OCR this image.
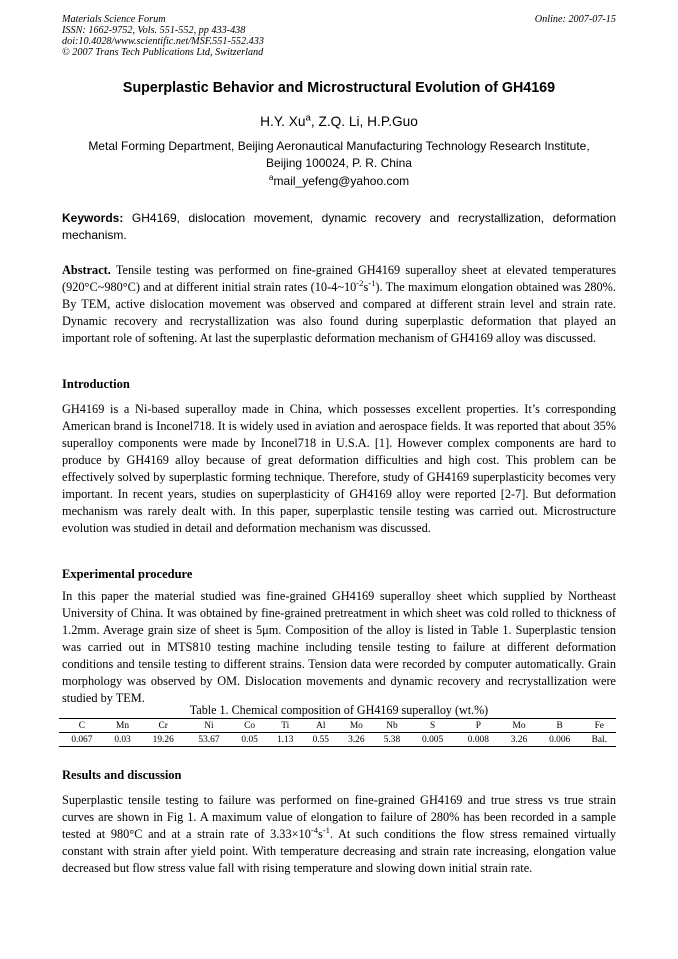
Materials Science Forum
ISSN: 1662-9752, Vols. 551-552, pp 433-438
doi:10.4028/www.scientific.net/MSF.551-552.433
© 2007 Trans Tech Publications Ltd, Switzerland
Online: 2007-07-15
Superplastic Behavior and Microstructural Evolution of GH4169
H.Y. Xu$^a$, Z.Q. Li, H.P.Guo
Metal Forming Department, Beijing Aeronautical Manufacturing Technology Research Institute,
Beijing 100024, P. R. China
$^a$mail_yefeng@yahoo.com
Keywords: GH4169, dislocation movement, dynamic recovery and recrystallization, deformation mechanism.
Abstract. Tensile testing was performed on fine-grained GH4169 superalloy sheet at elevated temperatures (920°C~980°C) and at different initial strain rates $(10-4\sim 10^{-2}s^{-1})$. The maximum elongation obtained was 280%. By TEM, active dislocation movement was observed and compared at different strain level and strain rate. Dynamic recovery and recrystallization was also found during superplastic deformation that played an important role of softening. At last the superplastic deformation mechanism of GH4169 alloy was discussed.
Introduction
GH4169 is a Ni-based superalloy made in China, which possesses excellent properties. It’s corresponding American brand is Inconel718. It is widely used in aviation and aerospace fields. It was reported that about 35% superalloy components were made by Inconel718 in U.S.A. [1]. However complex components are hard to produce by GH4169 alloy because of great deformation difficulties and high cost. This problem can be effectively solved by superplastic forming technique. Therefore, study of GH4169 superplasticity becomes very important. In recent years, studies on superplasticity of GH4169 alloy were reported [2-7]. But deformation mechanism was rarely dealt with. In this paper, superplastic tensile testing was carried out. Microstructure evolution was studied in detail and deformation mechanism was discussed.
Experimental procedure
In this paper the material studied was fine-grained GH4169 superalloy sheet which supplied by Northeast University of China. It was obtained by fine-grained pretreatment in which sheet was cold rolled to thickness of 1.2mm. Average grain size of sheet is 5μm. Composition of the alloy is listed in Table 1. Superplastic tension was carried out in MTS810 testing machine including tensile testing to failure at different deformation conditions and tensile testing to different strains. Tension data were recorded by computer automatically. Grain morphology was observed by OM. Dislocation movements and dynamic recovery and recrystallization were studied by TEM.
Table 1. Chemical composition of GH4169 superalloy (wt.%)
C	Mn	Cr	Ni	Co	Ti	Al	Mo	Nb	S	P	Mo	B	Fe
0.067	0.03	19.26	53.67	0.05	1.13	0.55	3.26	5.38	0.005	0.008	3.26	0.006	Bal.
Results and discussion
Superplastic tensile testing to failure was performed on fine-grained GH4169 and true stress vs true strain curves are shown in Fig 1. A maximum value of elongation to failure of 280% has been recorded in a sample tested at 980°C and at a strain rate of $3.33\times 10^{-4}s^{-1}$. At such conditions the flow stress remained virtually constant with strain after yield point. With temperature decreasing and strain rate increasing, elongation value decreased but flow stress value fall with rising temperature and slowing down initial strain rate.
